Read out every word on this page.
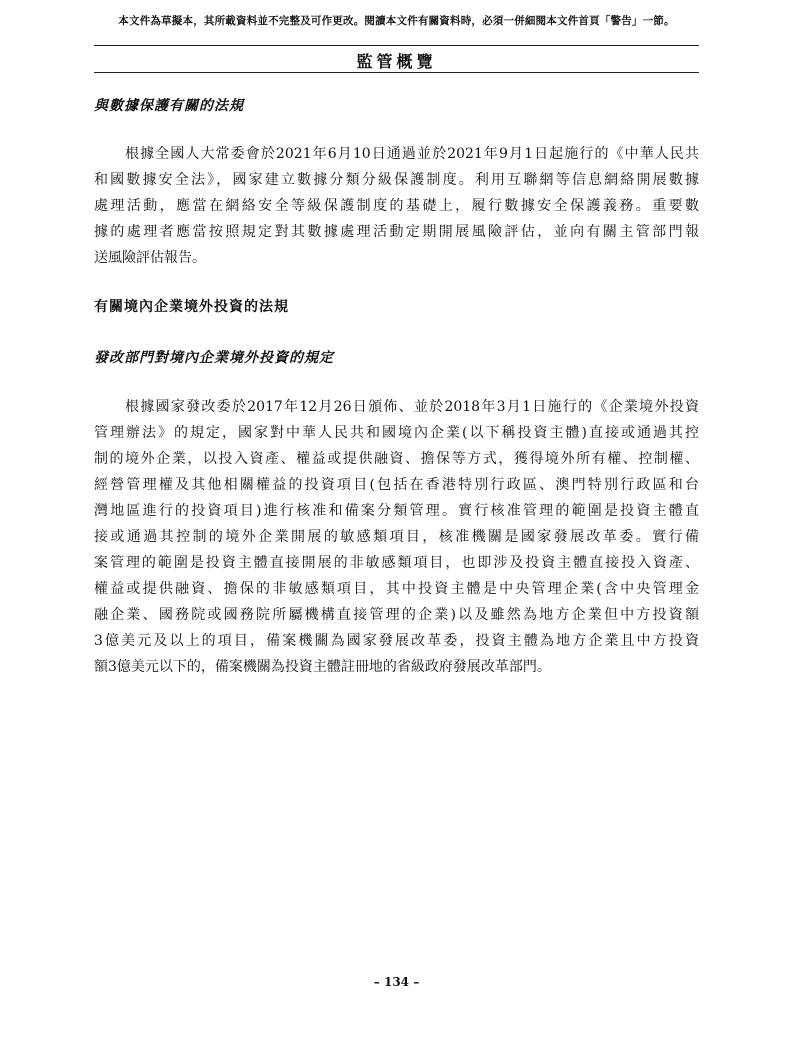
本文件為草擬本，其所載資料並不完整及可作更改。閱讀本文件有關資料時，必須一併細閱本文件首頁「警告」一節。
監管概覽
與數據保護有關的法規
根據全國人大常委會於2021年6月10日通過並於2021年9月1日起施行的《中華人民共
和國數據安全法》，國家建立數據分類分級保護制度。利用互聯網等信息網絡開展數據
處理活動，應當在網絡安全等級保護制度的基礎上，履行數據安全保護義務。重要數
據的處理者應當按照規定對其數據處理活動定期開展風險評估，並向有關主管部門報
送風險評估報告。
有關境內企業境外投資的法規
發改部門對境內企業境外投資的規定
根據國家發改委於2017年12月26日頒佈、並於2018年3月1日施行的《企業境外投資
管理辦法》的規定，國家對中華人民共和國境內企業(以下稱投資主體)直接或通過其控
制的境外企業，以投入資產、權益或提供融資、擔保等方式，獲得境外所有權、控制權、
經營管理權及其他相關權益的投資項目(包括在香港特別行政區、澳門特別行政區和台
灣地區進行的投資項目)進行核准和備案分類管理。實行核准管理的範圍是投資主體直
接或通過其控制的境外企業開展的敏感類項目，核准機關是國家發展改革委。實行備
案管理的範圍是投資主體直接開展的非敏感類項目，也即涉及投資主體直接投入資產、
權益或提供融資、擔保的非敏感類項目，其中投資主體是中央管理企業(含中央管理金
融企業、國務院或國務院所屬機構直接管理的企業)以及雖然為地方企業但中方投資額
3億美元及以上的項目，備案機關為國家發展改革委，投資主體為地方企業且中方投資
額3億美元以下的，備案機關為投資主體註冊地的省級政府發展改革部門。
– 134 –
